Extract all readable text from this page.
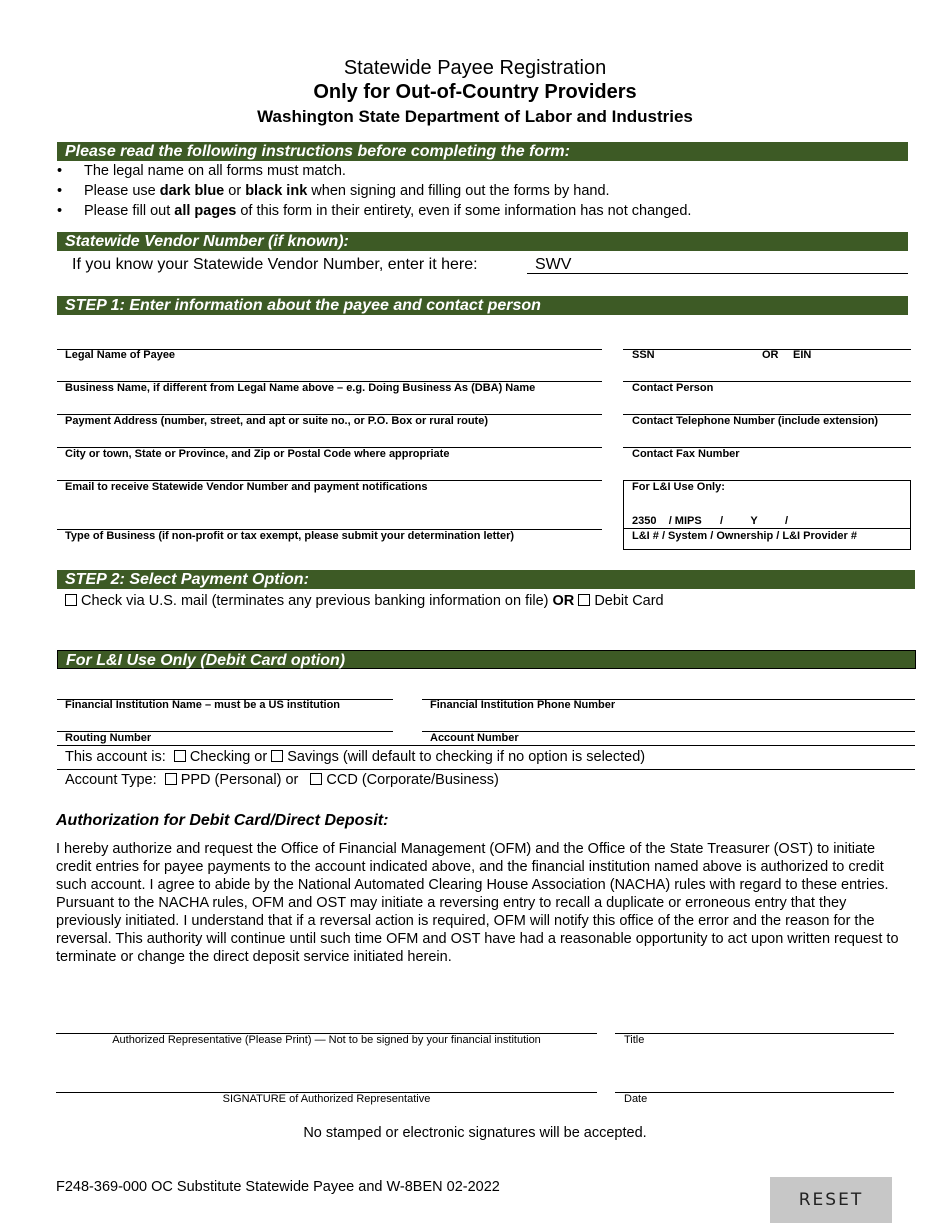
Statewide Payee Registration
Only for Out-of-Country Providers
Washington State Department of Labor and Industries
Please read the following instructions before completing the form:
• The legal name on all forms must match.
• Please use dark blue or black ink when signing and filling out the forms by hand.
• Please fill out all pages of this form in their entirety, even if some information has not changed.
Statewide Vendor Number (if known):
If you know your Statewide Vendor Number, enter it here:	SWV
STEP 1: Enter information about the payee and contact person
Legal Name of Payee	SSN	OR EIN
Business Name, if different from Legal Name above – e.g. Doing Business As (DBA) Name	Contact Person
Payment Address (number, street, and apt or suite no., or P.O. Box or rural route)	Contact Telephone Number (include extension)
City or town, State or Province, and Zip or Postal Code where appropriate	Contact Fax Number
Email to receive Statewide Vendor Number and payment notifications	For L&I Use Only:
2350    / MIPS      /         Y         /
L&I # / System / Ownership / L&I Provider #
Type of Business (if non-profit or tax exempt, please submit your determination letter)
STEP 2: Select Payment Option:
Check via U.S. mail (terminates any previous banking information on file) OR Debit Card
For L&I Use Only (Debit Card option)
Financial Institution Name – must be a US institution	Financial Institution Phone Number
Routing Number	Account Number
This account is: Checking or Savings (will default to checking if no option is selected)
Account Type: PPD (Personal) or CCD (Corporate/Business)
Authorization for Debit Card/Direct Deposit:
I hereby authorize and request the Office of Financial Management (OFM) and the Office of the State Treasurer (OST) to initiate credit entries for payee payments to the account indicated above, and the financial institution named above is authorized to credit such account. I agree to abide by the National Automated Clearing House Association (NACHA) rules with regard to these entries. Pursuant to the NACHA rules, OFM and OST may initiate a reversing entry to recall a duplicate or erroneous entry that they previously initiated. I understand that if a reversal action is required, OFM will notify this office of the error and the reason for the reversal. This authority will continue until such time OFM and OST have had a reasonable opportunity to act upon written request to terminate or change the direct deposit service initiated herein.
Authorized Representative (Please Print) — Not to be signed by your financial institution	Title
SIGNATURE of Authorized Representative	Date
No stamped or electronic signatures will be accepted.
F248-369-000 OC Substitute Statewide Payee and W-8BEN 02-2022
RESET
